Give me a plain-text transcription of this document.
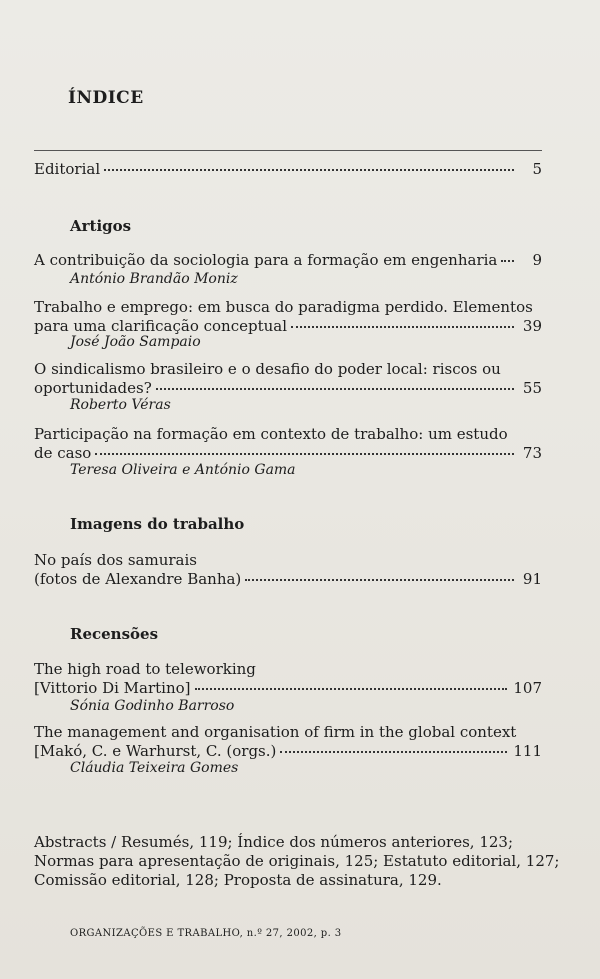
ÍNDICE
Editorial	5
Artigos
A contribuição da sociologia para a formação em engenharia	9
António Brandão Moniz
Trabalho e emprego: em busca do paradigma perdido. Elementos
para uma clarificação conceptual	39
José João Sampaio
O sindicalismo brasileiro e o desafio do poder local: riscos ou
oportunidades?	55
Roberto Véras
Participação na formação em contexto de trabalho: um estudo
de caso	73
Teresa Oliveira e António Gama
Imagens do trabalho
No país dos samurais
(fotos de Alexandre Banha)	91
Recensões
The high road to teleworking
[Vittorio Di Martino]	107
Sónia Godinho Barroso
The management and organisation of firm in the global context
[Makó, C. e Warhurst, C. (orgs.)	111
Cláudia Teixeira Gomes
Abstracts / Resumés, 119; Índice dos números anteriores, 123;
Normas para apresentação de originais, 125; Estatuto editorial, 127;
Comissão editorial, 128; Proposta de assinatura, 129.
ORGANIZAÇÕES E TRABALHO, n.º 27, 2002, p. 3
